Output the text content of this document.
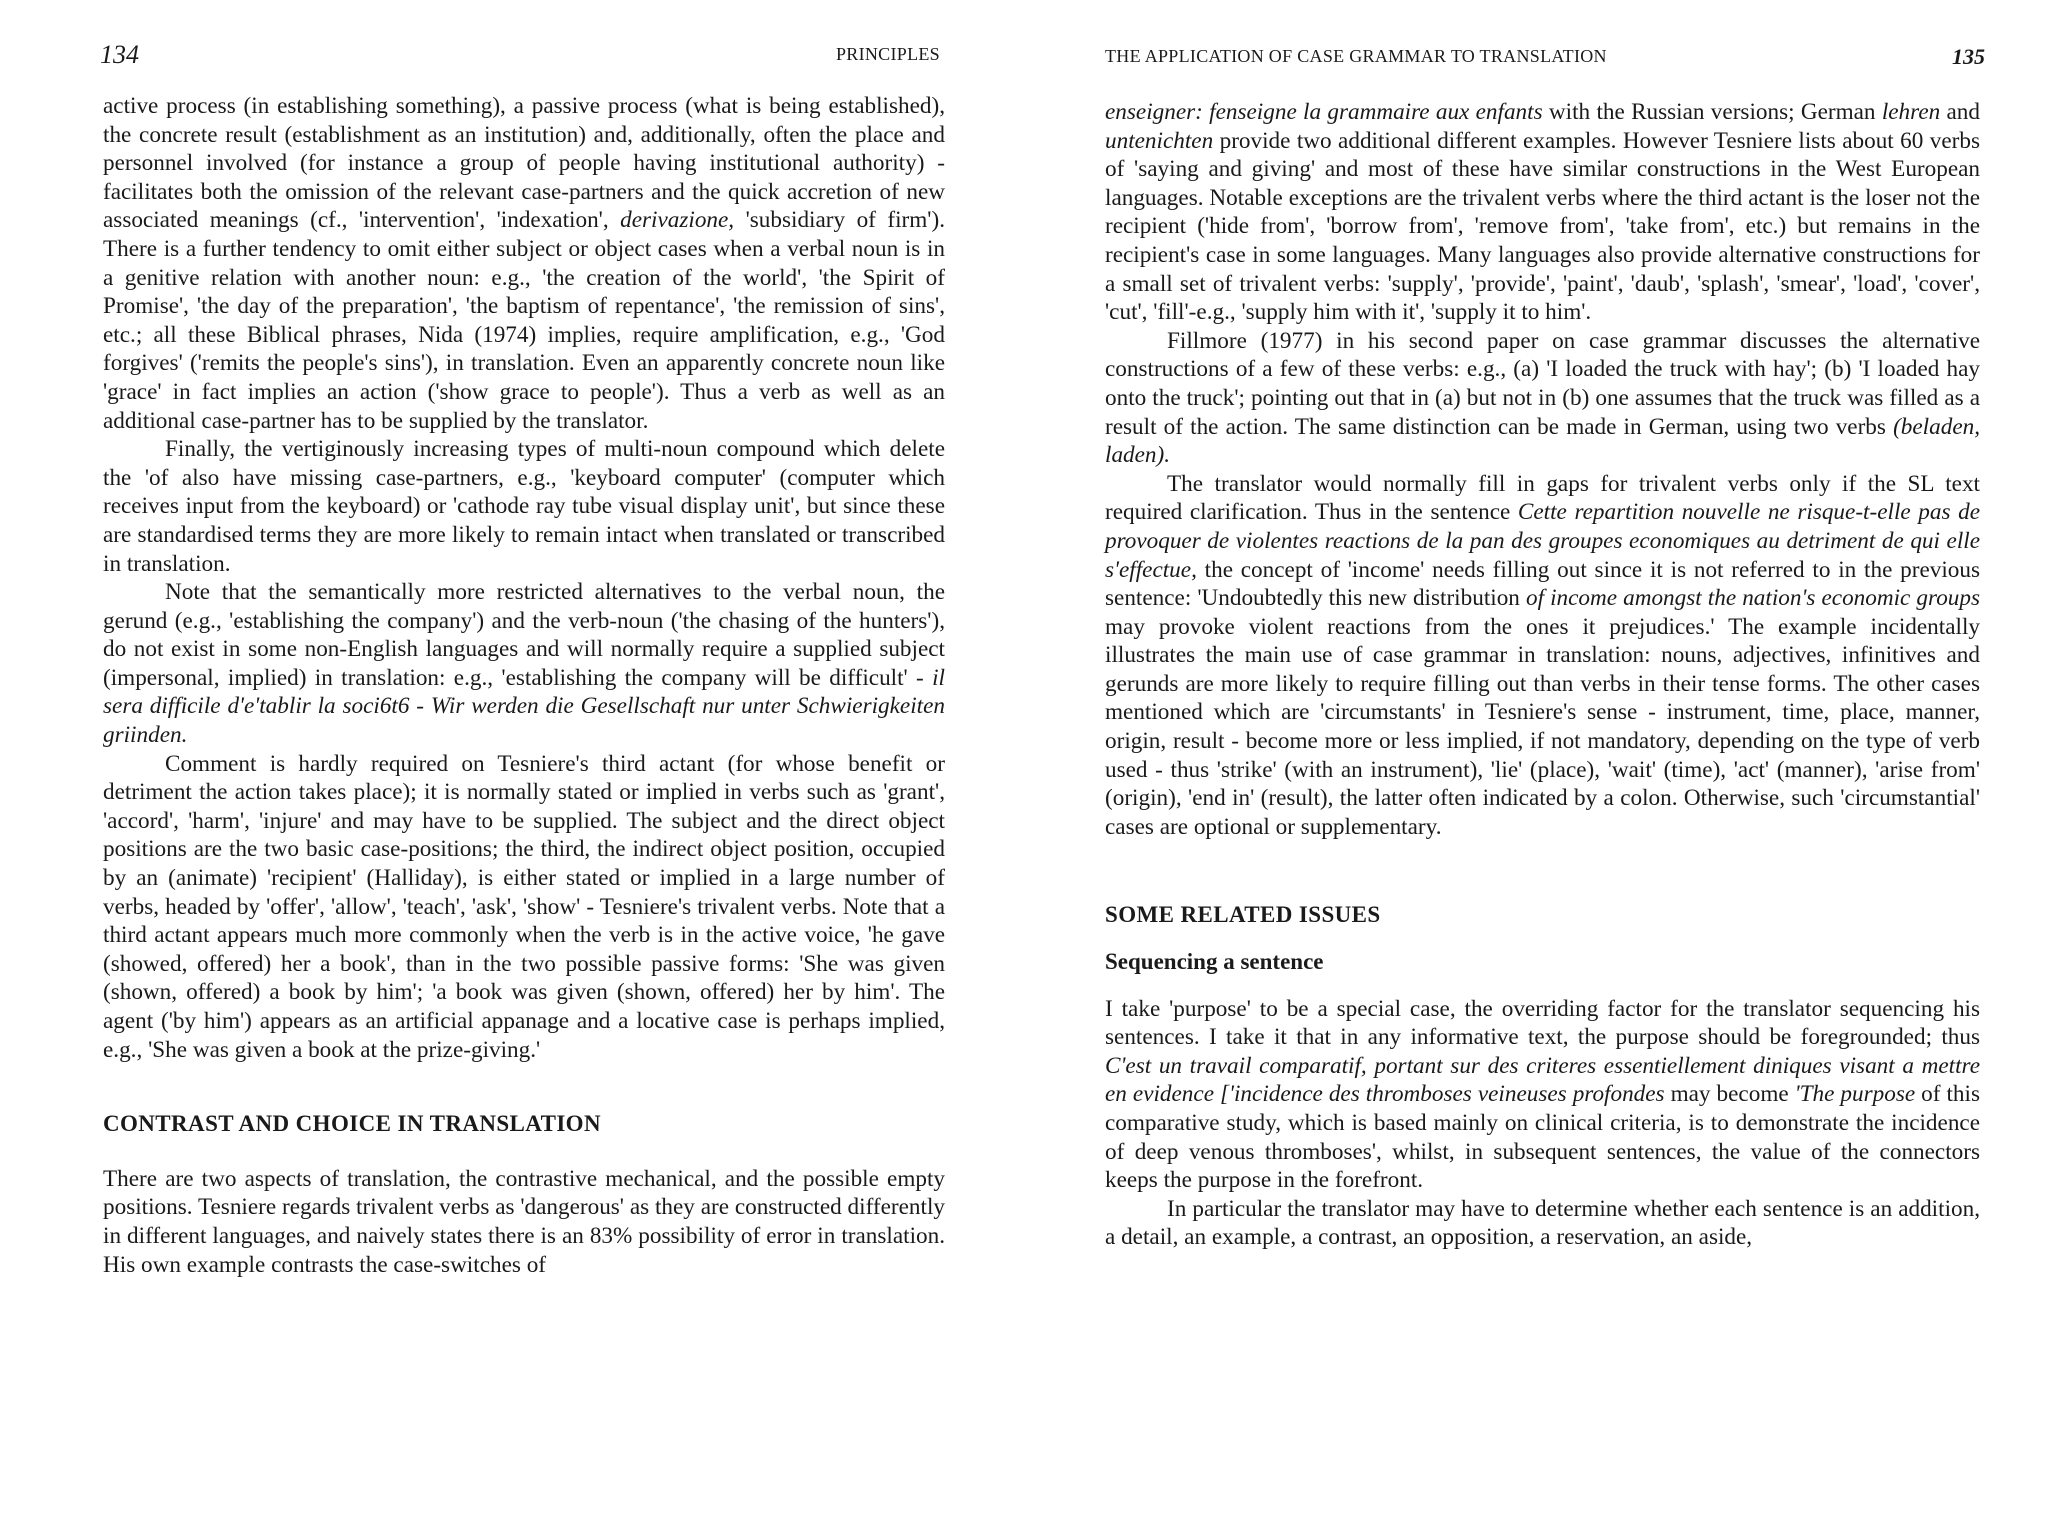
134	PRINCIPLES

active process (in establishing something), a passive process (what is being established), the concrete result (establishment as an institution) and, additionally, often the place and personnel involved (for instance a group of people having institutional authority) - facilitates both the omission of the relevant case-partners and the quick accretion of new associated meanings (cf., 'intervention', 'indexation', derivazione, 'subsidiary of firm'). There is a further tendency to omit either subject or object cases when a verbal noun is in a genitive relation with another noun: e.g., 'the creation of the world', 'the Spirit of Promise', 'the day of the preparation', 'the baptism of repentance', 'the remission of sins', etc.; all these Biblical phrases, Nida (1974) implies, require amplification, e.g., 'God forgives' ('remits the people's sins'), in translation. Even an apparently concrete noun like 'grace' in fact implies an action ('show grace to people'). Thus a verb as well as an additional case-partner has to be supplied by the translator.

Finally, the vertiginously increasing types of multi-noun compound which delete the 'of also have missing case-partners, e.g., 'keyboard computer' (computer which receives input from the keyboard) or 'cathode ray tube visual display unit', but since these are standardised terms they are more likely to remain intact when translated or transcribed in translation.

Note that the semantically more restricted alternatives to the verbal noun, the gerund (e.g., 'establishing the company') and the verb-noun ('the chasing of the hunters'), do not exist in some non-English languages and will normally require a supplied subject (impersonal, implied) in translation: e.g., 'establishing the company will be difficult' - il sera difficile d'e'tablir la soci6t6 - Wir werden die Gesellschaft nur unter Schwierigkeiten griinden.

Comment is hardly required on Tesniere's third actant (for whose benefit or detriment the action takes place); it is normally stated or implied in verbs such as 'grant', 'accord', 'harm', 'injure' and may have to be supplied. The subject and the direct object positions are the two basic case-positions; the third, the indirect object position, occupied by an (animate) 'recipient' (Halliday), is either stated or implied in a large number of verbs, headed by 'offer', 'allow', 'teach', 'ask', 'show' - Tesniere's trivalent verbs. Note that a third actant appears much more commonly when the verb is in the active voice, 'he gave (showed, offered) her a book', than in the two possible passive forms: 'She was given (shown, offered) a book by him'; 'a book was given (shown, offered) her by him'. The agent ('by him') appears as an artificial appanage and a locative case is perhaps implied, e.g., 'She was given a book at the prize-giving.'

CONTRAST AND CHOICE IN TRANSLATION

There are two aspects of translation, the contrastive mechanical, and the possible empty positions. Tesniere regards trivalent verbs as 'dangerous' as they are constructed differently in different languages, and naively states there is an 83% possibility of error in translation. His own example contrasts the case-switches of

THE APPLICATION OF CASE GRAMMAR TO TRANSLATION	135

enseigner: fenseigne la grammaire aux enfants with the Russian versions; German lehren and untenichten provide two additional different examples. However Tesniere lists about 60 verbs of 'saying and giving' and most of these have similar constructions in the West European languages. Notable exceptions are the trivalent verbs where the third actant is the loser not the recipient ('hide from', 'borrow from', 'remove from', 'take from', etc.) but remains in the recipient's case in some languages. Many languages also provide alternative constructions for a small set of trivalent verbs: 'supply', 'provide', 'paint', 'daub', 'splash', 'smear', 'load', 'cover', 'cut', 'fill'-e.g., 'supply him with it', 'supply it to him'.

Fillmore (1977) in his second paper on case grammar discusses the alternative constructions of a few of these verbs: e.g., (a) 'I loaded the truck with hay'; (b) 'I loaded hay onto the truck'; pointing out that in (a) but not in (b) one assumes that the truck was filled as a result of the action. The same distinction can be made in German, using two verbs (beladen, laden).

The translator would normally fill in gaps for trivalent verbs only if the SL text required clarification. Thus in the sentence Cette repartition nouvelle ne risque-t-elle pas de provoquer de violentes reactions de la pan des groupes economiques au detriment de qui elle s'effectue, the concept of 'income' needs filling out since it is not referred to in the previous sentence: 'Undoubtedly this new distribution of income amongst the nation's economic groups may provoke violent reactions from the ones it prejudices.' The example incidentally illustrates the main use of case grammar in translation: nouns, adjectives, infinitives and gerunds are more likely to require filling out than verbs in their tense forms. The other cases mentioned which are 'circumstants' in Tesniere's sense - instrument, time, place, manner, origin, result - become more or less implied, if not mandatory, depending on the type of verb used - thus 'strike' (with an instrument), 'lie' (place), 'wait' (time), 'act' (manner), 'arise from' (origin), 'end in' (result), the latter often indicated by a colon. Otherwise, such 'circumstantial' cases are optional or supplementary.

SOME RELATED ISSUES

Sequencing a sentence

I take 'purpose' to be a special case, the overriding factor for the translator sequencing his sentences. I take it that in any informative text, the purpose should be foregrounded; thus C'est un travail comparatif, portant sur des criteres essentiellement diniques visant a mettre en evidence ['incidence des thromboses veineuses profondes may become 'The purpose of this comparative study, which is based mainly on clinical criteria, is to demonstrate the incidence of deep venous thromboses', whilst, in subsequent sentences, the value of the connectors keeps the purpose in the forefront.

In particular the translator may have to determine whether each sentence is an addition, a detail, an example, a contrast, an opposition, a reservation, an aside,
